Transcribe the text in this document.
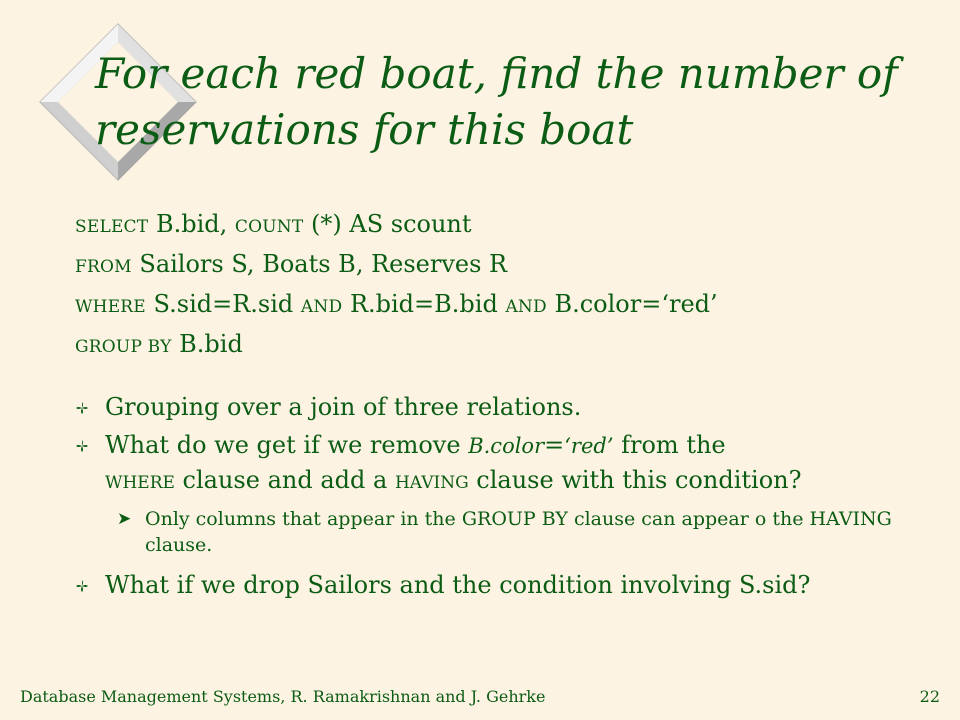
For each red boat, find the number of
reservations for this boat
SELECT B.bid, COUNT (*) AS scount
FROM Sailors S, Boats B, Reserves R
WHERE S.sid=R.sid AND R.bid=B.bid AND B.color=‘red’
GROUP BY B.bid
Grouping over a join of three relations.
What do we get if we remove B.color=‘red’ from the
WHERE clause and add a HAVING clause with this condition?
➤ Only columns that appear in the GROUP BY clause can appear o the HAVING clause.
What if we drop Sailors and the condition involving S.sid?
Database Management Systems, R. Ramakrishnan and J. Gehrke	22
